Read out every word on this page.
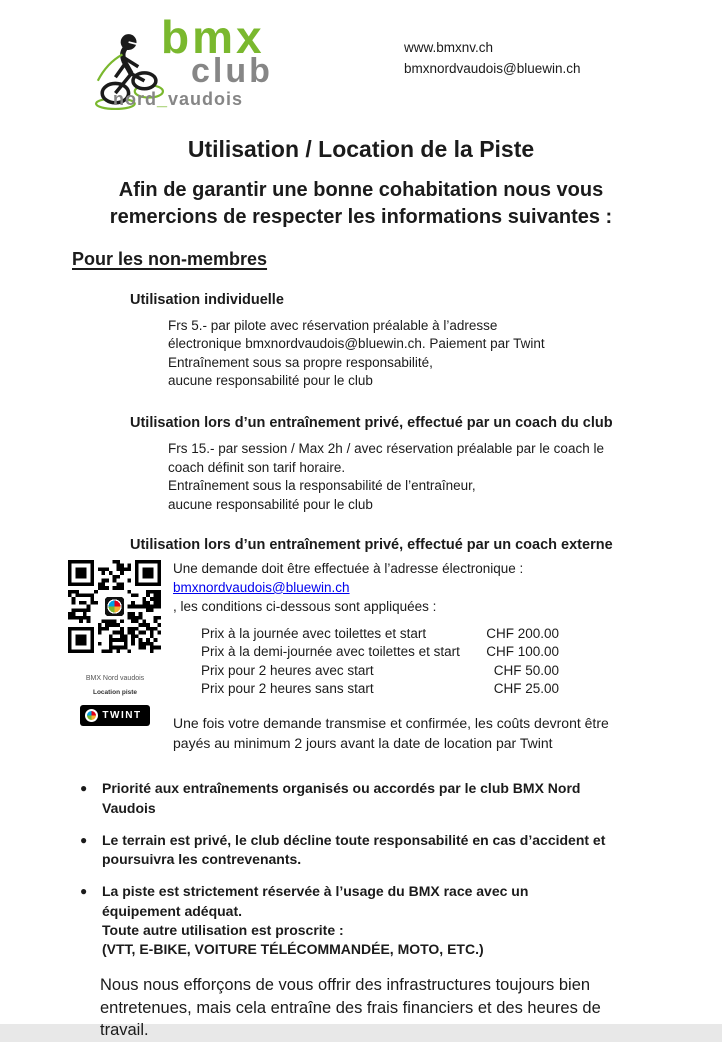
bmx
club
nord_vaudois
www.bmxnv.ch
bmxnordvaudois@bluewin.ch
Utilisation / Location de la Piste

Afin de garantir une bonne cohabitation nous vous
remercions de respecter les informations suivantes :

Pour les non-membres
Utilisation individuelle
Frs 5.- par pilote avec réservation préalable à l’adresse
électronique bmxnordvaudois@bluewin.ch. Paiement par Twint
Entraînement sous sa propre responsabilité,
aucune responsabilité pour le club
Utilisation lors d’un entraînement privé, effectué par un coach du club
Frs 15.- par session / Max 2h / avec réservation préalable par le coach le
coach définit son tarif horaire.
Entraînement sous la responsabilité de l’entraîneur,
aucune responsabilité pour le club
Utilisation lors d’un entraînement privé, effectué par un coach externe
BMX Nord vaudois
Location piste
TWINT
Une demande doit être effectuée à l’adresse électronique :
bmxnordvaudois@bluewin.ch
, les conditions ci-dessous sont appliquées :
Prix à la journée avec toilettes et start	CHF 200.00
Prix à la demi-journée avec toilettes et start CHF 100.00
Prix pour 2 heures avec start	CHF 50.00
Prix pour 2 heures sans start	CHF 25.00
Une fois votre demande transmise et confirmée, les coûts devront être
payés au minimum 2 jours avant la date de location par Twint
● Priorité aux entraînements organisés ou accordés par le club BMX Nord
Vaudois
● Le terrain est privé, le club décline toute responsabilité en cas d’accident et
poursuivra les contrevenants.
● La piste est strictement réservée à l’usage du BMX race avec un
équipement adéquat.
Toute autre utilisation est proscrite :
(VTT, E-BIKE, VOITURE TÉLÉCOMMANDÉE, MOTO, ETC.)

Nous nous efforçons de vous offrir des infrastructures toujours bien
entretenues, mais cela entraîne des frais financiers et des heures de
travail.
